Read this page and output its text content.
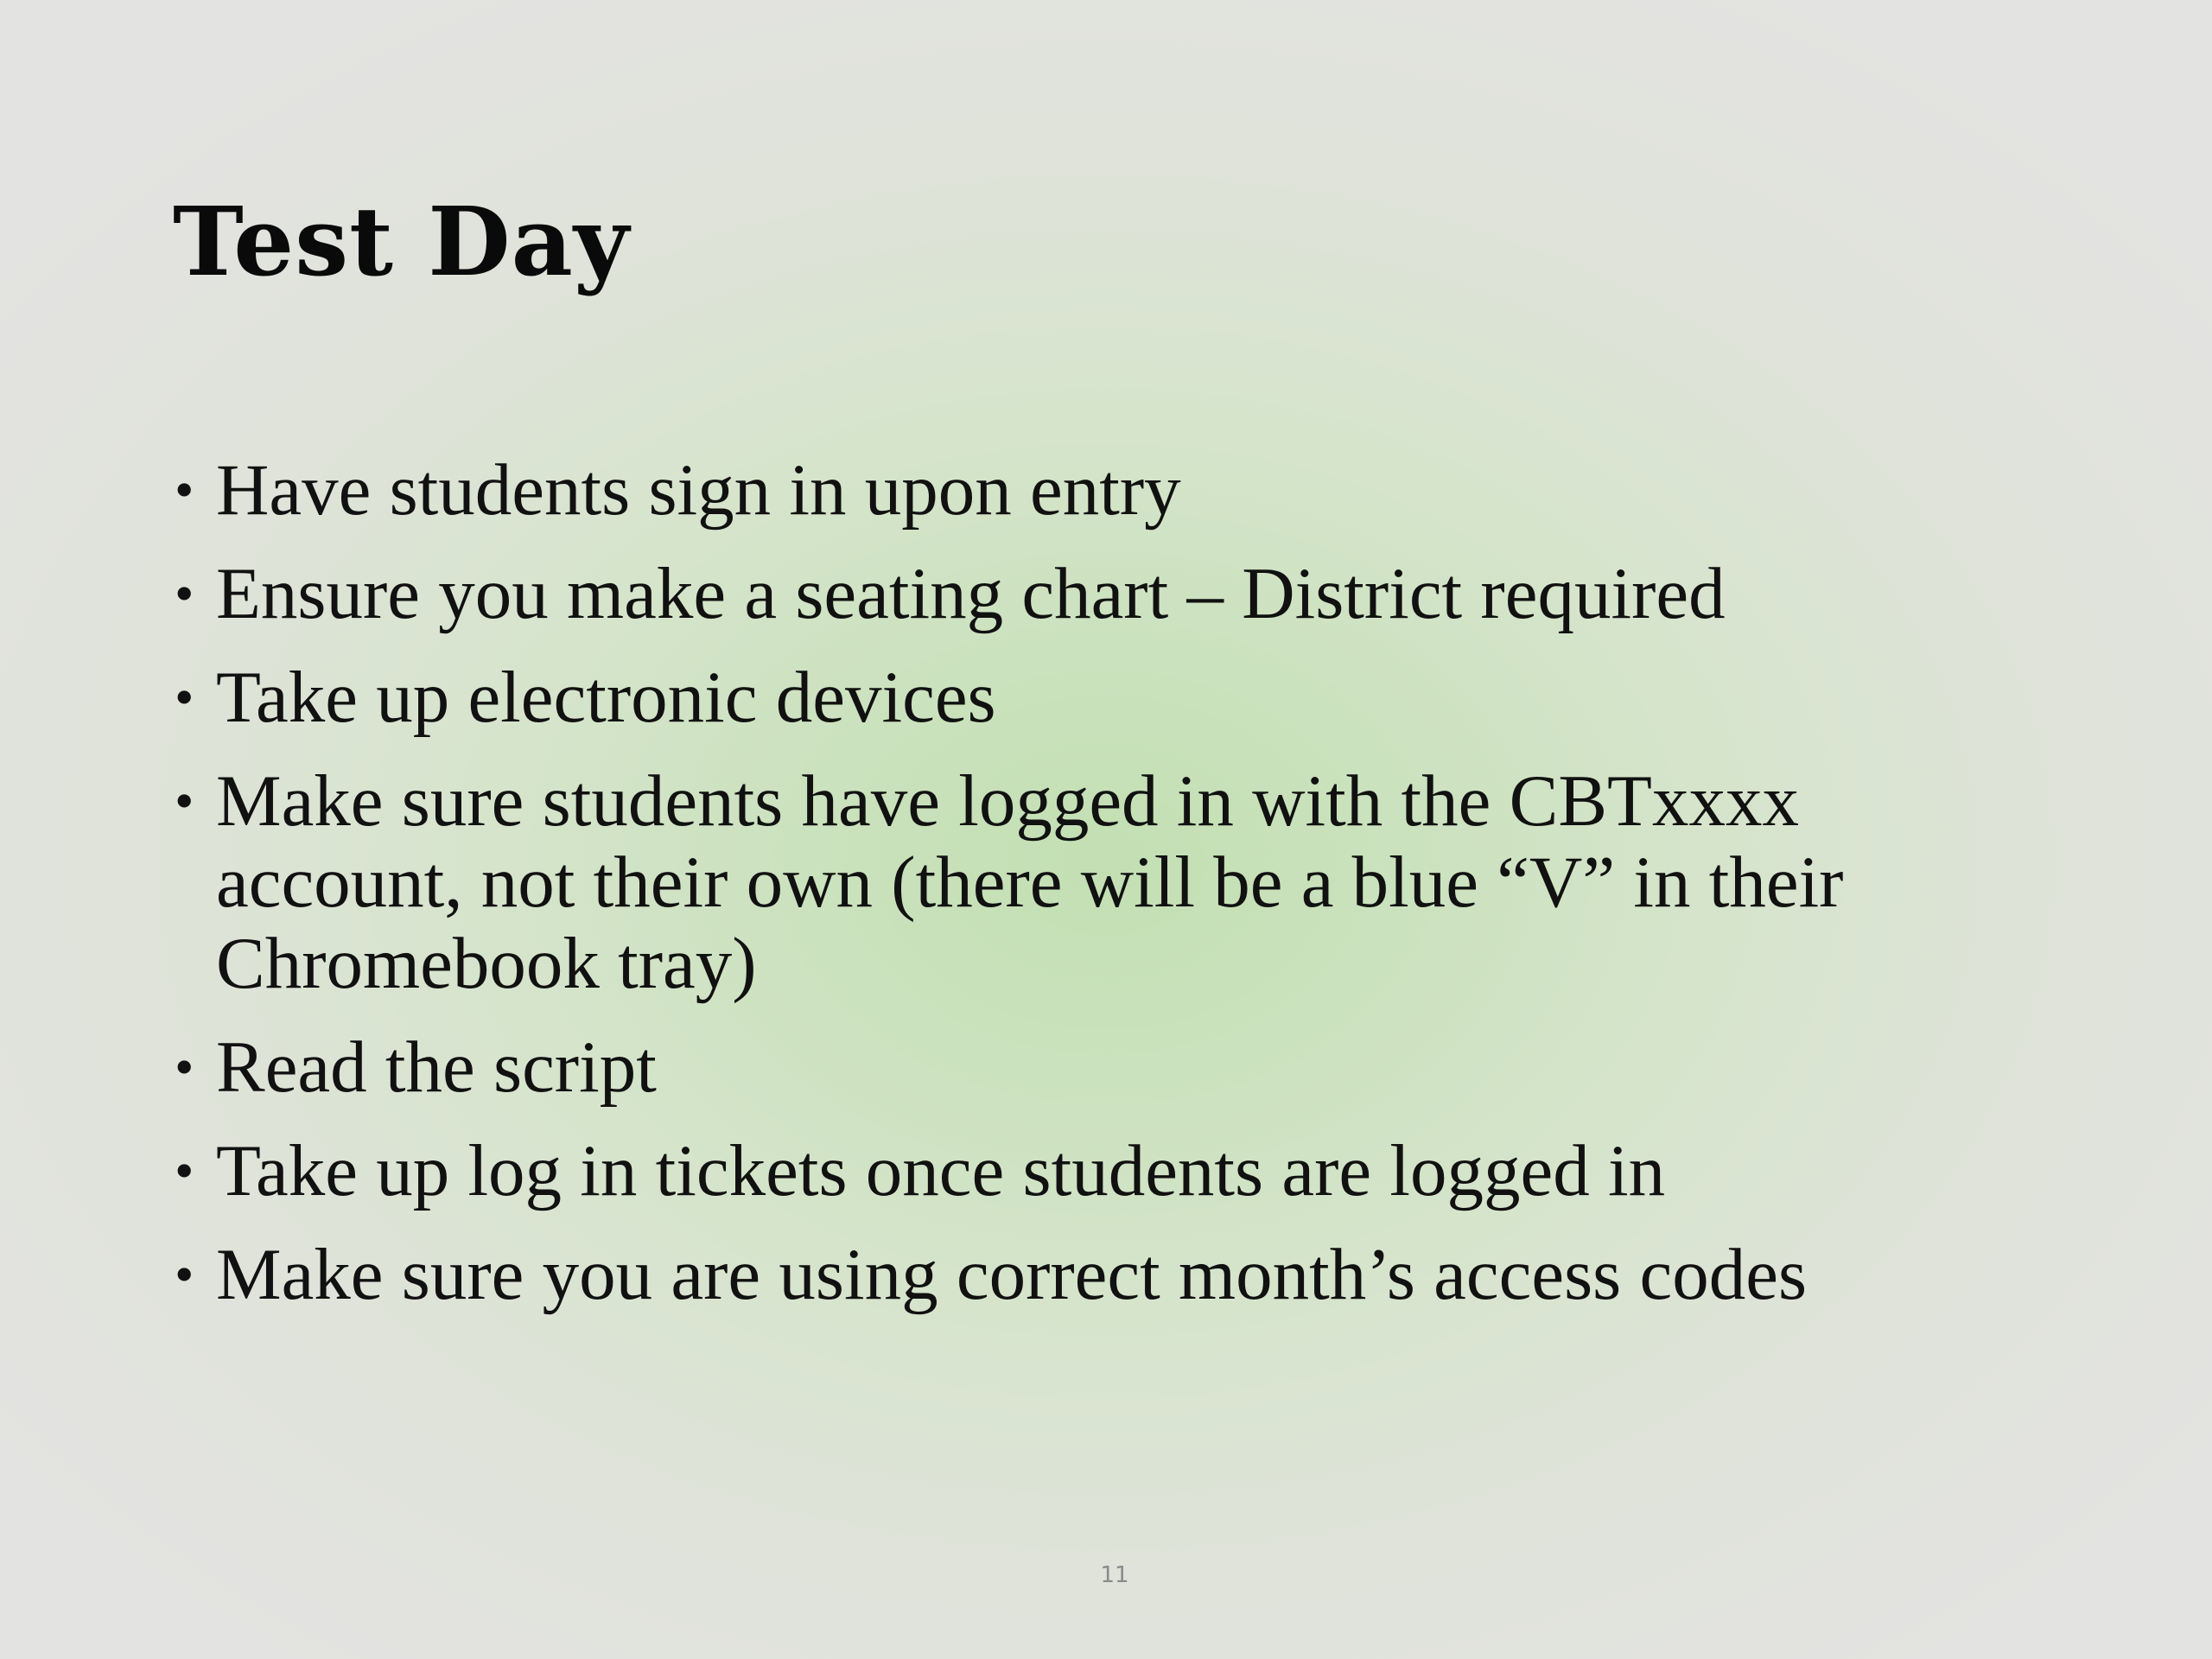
Test Day
• Have students sign in upon entry
• Ensure you make a seating chart – District required
• Take up electronic devices
• Make sure students have logged in with the CBTxxxx account, not their own (there will be a blue “V” in their Chromebook tray)
• Read the script
• Take up log in tickets once students are logged in
• Make sure you are using correct month’s access codes
11
